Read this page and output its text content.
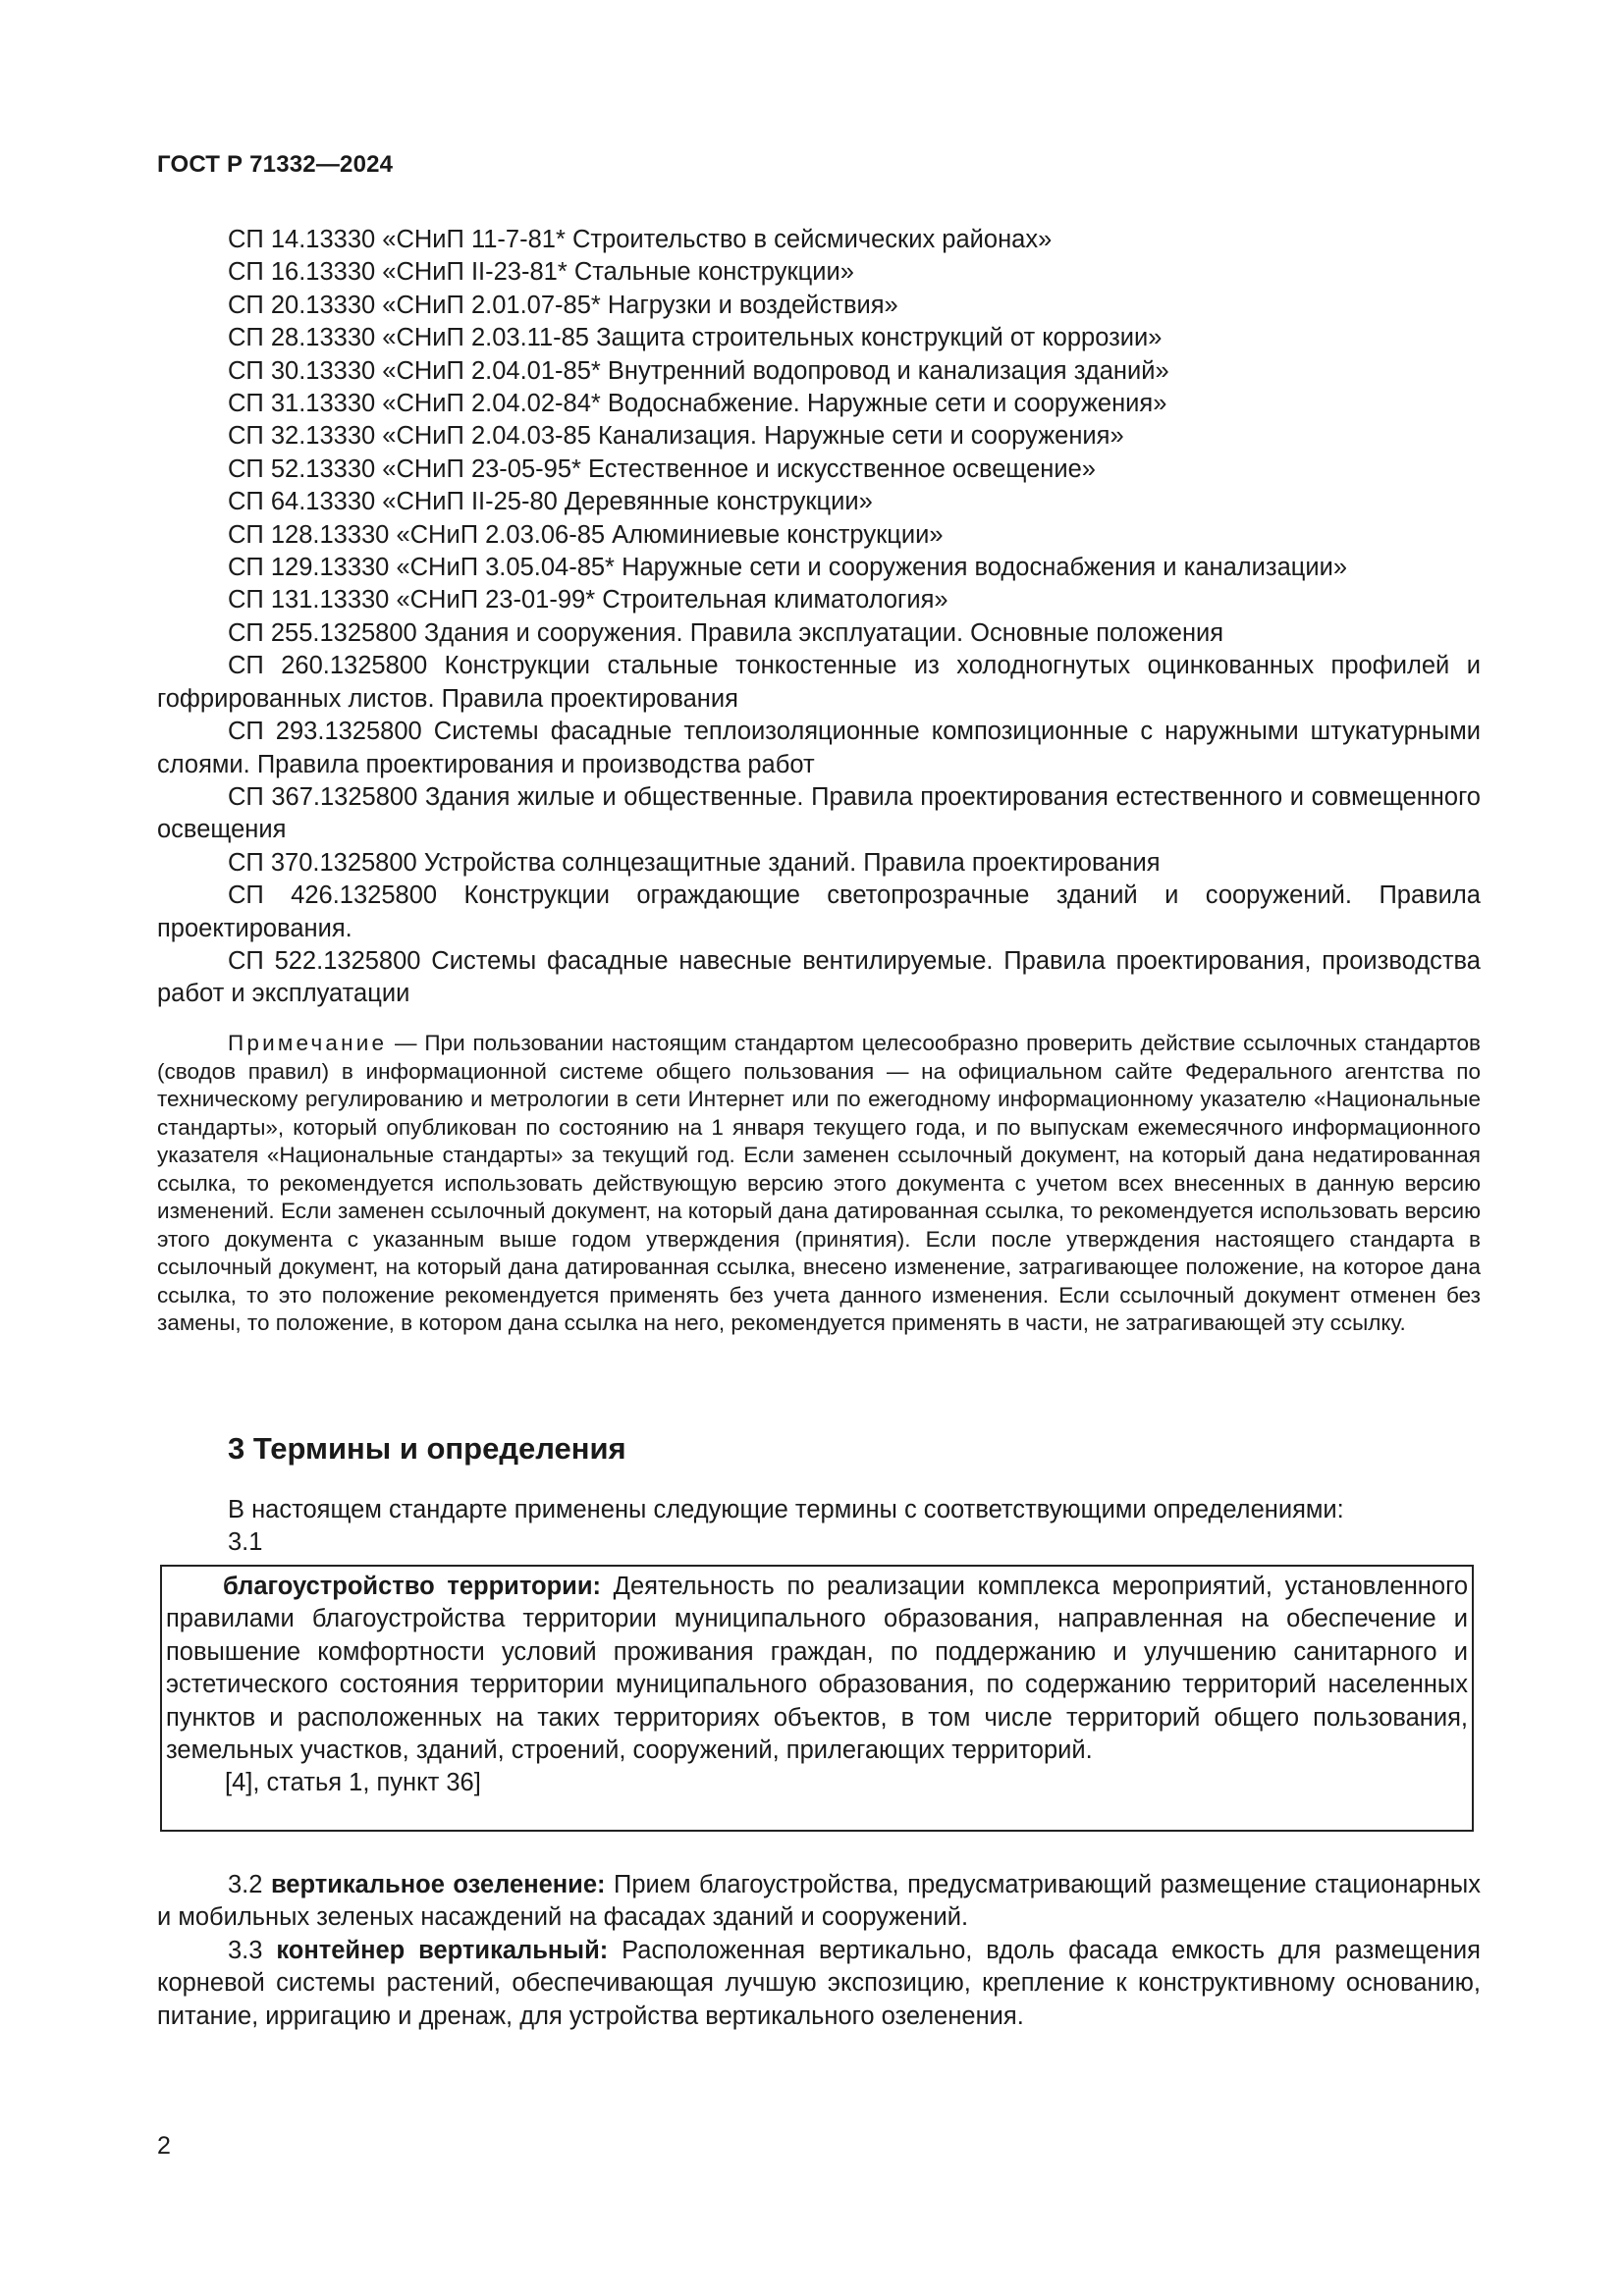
ГОСТ Р 71332—2024
СП 14.13330 «СНиП 11-7-81* Строительство в сейсмических районах»
СП 16.13330 «СНиП II-23-81* Стальные конструкции»
СП 20.13330 «СНиП 2.01.07-85* Нагрузки и воздействия»
СП 28.13330 «СНиП 2.03.11-85 Защита строительных конструкций от коррозии»
СП 30.13330 «СНиП 2.04.01-85* Внутренний водопровод и канализация зданий»
СП 31.13330 «СНиП 2.04.02-84* Водоснабжение. Наружные сети и сооружения»
СП 32.13330 «СНиП 2.04.03-85 Канализация. Наружные сети и сооружения»
СП 52.13330 «СНиП 23-05-95* Естественное и искусственное освещение»
СП 64.13330 «СНиП II-25-80 Деревянные конструкции»
СП 128.13330 «СНиП 2.03.06-85 Алюминиевые конструкции»
СП 129.13330 «СНиП 3.05.04-85* Наружные сети и сооружения водоснабжения и канализации»
СП 131.13330 «СНиП 23-01-99* Строительная климатология»
СП 255.1325800 Здания и сооружения. Правила эксплуатации. Основные положения
СП 260.1325800 Конструкции стальные тонкостенные из холодногнутых оцинкованных профилей и гофрированных листов. Правила проектирования
СП 293.1325800 Системы фасадные теплоизоляционные композиционные с наружными штукатурными слоями. Правила проектирования и производства работ
СП 367.1325800 Здания жилые и общественные. Правила проектирования естественного и совмещенного освещения
СП 370.1325800 Устройства солнцезащитные зданий. Правила проектирования
СП 426.1325800 Конструкции ограждающие светопрозрачные зданий и сооружений. Правила проектирования.
СП 522.1325800 Системы фасадные навесные вентилируемые. Правила проектирования, производства работ и эксплуатации
Примечание — При пользовании настоящим стандартом целесообразно проверить действие ссылочных стандартов (сводов правил) в информационной системе общего пользования — на официальном сайте Федерального агентства по техническому регулированию и метрологии в сети Интернет или по ежегодному информационному указателю «Национальные стандарты», который опубликован по состоянию на 1 января текущего года, и по выпускам ежемесячного информационного указателя «Национальные стандарты» за текущий год. Если заменен ссылочный документ, на который дана недатированная ссылка, то рекомендуется использовать действующую версию этого документа с учетом всех внесенных в данную версию изменений. Если заменен ссылочный документ, на который дана датированная ссылка, то рекомендуется использовать версию этого документа с указанным выше годом утверждения (принятия). Если после утверждения настоящего стандарта в ссылочный документ, на который дана датированная ссылка, внесено изменение, затрагивающее положение, на которое дана ссылка, то это положение рекомендуется применять без учета данного изменения. Если ссылочный документ отменен без замены, то положение, в котором дана ссылка на него, рекомендуется применять в части, не затрагивающей эту ссылку.
3 Термины и определения

В настоящем стандарте применены следующие термины с соответствующими определениями:

3.1

благоустройство территории: Деятельность по реализации комплекса мероприятий, установленного правилами благоустройства территории муниципального образования, направленная на обеспечение и повышение комфортности условий проживания граждан, по поддержанию и улучшению санитарного и эстетического состояния территории муниципального образования, по содержанию территорий населенных пунктов и расположенных на таких территориях объектов, в том числе территорий общего пользования, земельных участков, зданий, строений, сооружений, прилегающих территорий.
[4], статья 1, пункт 36]

3.2 вертикальное озеленение: Прием благоустройства, предусматривающий размещение стационарных и мобильных зеленых насаждений на фасадах зданий и сооружений.

3.3 контейнер вертикальный: Расположенная вертикально, вдоль фасада емкость для размещения корневой системы растений, обеспечивающая лучшую экспозицию, крепление к конструктивному основанию, питание, ирригацию и дренаж, для устройства вертикального озеленения.

2
